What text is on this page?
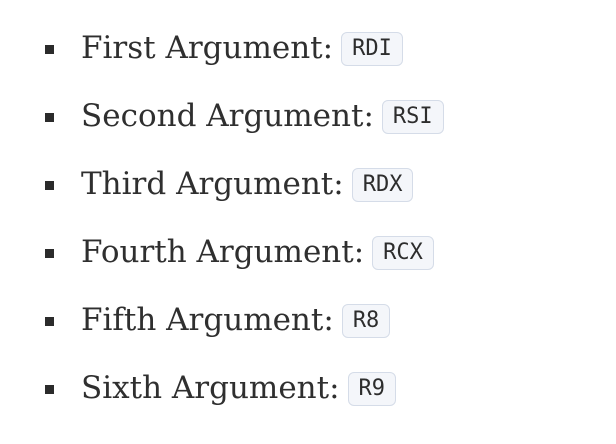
First Argument: RDI
Second Argument: RSI
Third Argument: RDX
Fourth Argument: RCX
Fifth Argument: R8
Sixth Argument: R9
